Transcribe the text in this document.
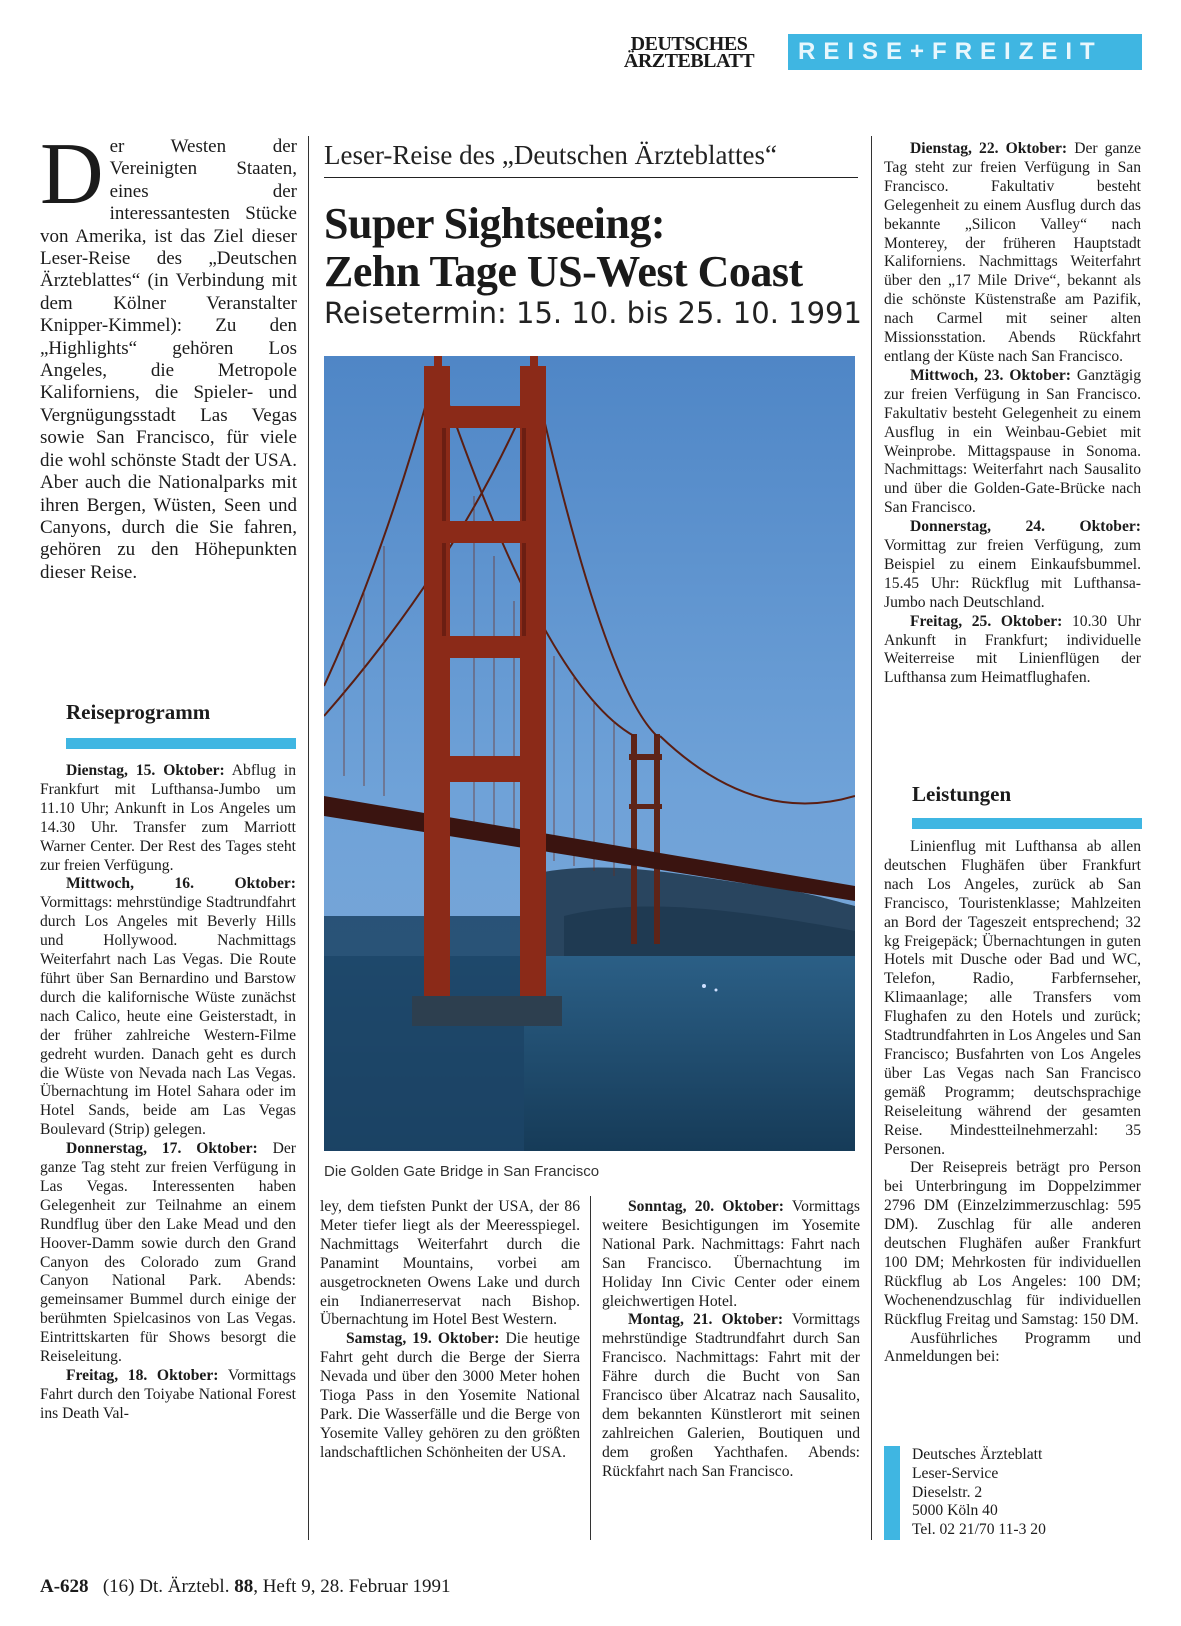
DEUTSCHES
ÄRZTEBLATT	REISE+FREIZEIT
Der Westen der Vereinigten Staaten, eines der interessantesten Stücke von Amerika, ist das Ziel dieser Leser-Reise des „Deutschen Ärzteblattes“ (in Verbindung mit dem Kölner Veranstalter Knipper-Kimmel): Zu den „Highlights“ gehören Los Angeles, die Metropole Kaliforniens, die Spieler- und Vergnügungsstadt Las Vegas sowie San Francisco, für viele die wohl schönste Stadt der USA. Aber auch die Nationalparks mit ihren Bergen, Wüsten, Seen und Canyons, durch die Sie fahren, gehören zu den Höhepunkten dieser Reise.
Reiseprogramm

Dienstag, 15. Oktober: Abflug in Frankfurt mit Lufthansa-Jumbo um 11.10 Uhr; Ankunft in Los Angeles um 14.30 Uhr. Transfer zum Marriott Warner Center. Der Rest des Tages steht zur freien Verfügung.

Mittwoch, 16. Oktober: Vormittags: mehrstündige Stadtrundfahrt durch Los Angeles mit Beverly Hills und Hollywood. Nachmittags Weiterfahrt nach Las Vegas. Die Route führt über San Bernardino und Barstow durch die kalifornische Wüste zunächst nach Calico, heute eine Geisterstadt, in der früher zahlreiche Western-Filme gedreht wurden. Danach geht es durch die Wüste von Nevada nach Las Vegas. Übernachtung im Hotel Sahara oder im Hotel Sands, beide am Las Vegas Boulevard (Strip) gelegen.

Donnerstag, 17. Oktober: Der ganze Tag steht zur freien Verfügung in Las Vegas. Interessenten haben Gelegenheit zur Teilnahme an einem Rundflug über den Lake Mead und den Hoover-Damm sowie durch den Grand Canyon des Colorado zum Grand Canyon National Park. Abends: gemeinsamer Bummel durch einige der berühmten Spielcasinos von Las Vegas. Eintrittskarten für Shows besorgt die Reiseleitung.

Freitag, 18. Oktober: Vormittags Fahrt durch den Toiyabe National Forest ins Death Val-

Leser-Reise des „Deutschen Ärzteblattes“
Super Sightseeing:
Zehn Tage US-West Coast
Reisetermin: 15. 10. bis 25. 10. 1991
Die Golden Gate Bridge in San Francisco

ley, dem tiefsten Punkt der USA, der 86 Meter tiefer liegt als der Meeresspiegel. Nachmittags Weiterfahrt durch die Panamint Mountains, vorbei am ausgetrockneten Owens Lake und durch ein Indianerreservat nach Bishop. Übernachtung im Hotel Best Western.

Samstag, 19. Oktober: Die heutige Fahrt geht durch die Berge der Sierra Nevada und über den 3000 Meter hohen Tioga Pass in den Yosemite National Park. Die Wasserfälle und die Berge von Yosemite Valley gehören zu den größten landschaftlichen Schönheiten der USA.

Sonntag, 20. Oktober: Vormittags weitere Besichtigungen im Yosemite National Park. Nachmittags: Fahrt nach San Francisco. Übernachtung im Holiday Inn Civic Center oder einem gleichwertigen Hotel.

Montag, 21. Oktober: Vormittags mehrstündige Stadtrundfahrt durch San Francisco. Nachmittags: Fahrt mit der Fähre durch die Bucht von San Francisco über Alcatraz nach Sausalito, dem bekannten Künstlerort mit seinen zahlreichen Galerien, Boutiquen und dem großen Yachthafen. Abends: Rückfahrt nach San Francisco.

Dienstag, 22. Oktober: Der ganze Tag steht zur freien Verfügung in San Francisco. Fakultativ besteht Gelegenheit zu einem Ausflug durch das bekannte „Silicon Valley“ nach Monterey, der früheren Hauptstadt Kaliforniens. Nachmittags Weiterfahrt über den „17 Mile Drive“, bekannt als die schönste Küstenstraße am Pazifik, nach Carmel mit seiner alten Missionsstation. Abends Rückfahrt entlang der Küste nach San Francisco.

Mittwoch, 23. Oktober: Ganztägig zur freien Verfügung in San Francisco. Fakultativ besteht Gelegenheit zu einem Ausflug in ein Weinbau-Gebiet mit Weinprobe. Mittagspause in Sonoma. Nachmittags: Weiterfahrt nach Sausalito und über die Golden-Gate-Brücke nach San Francisco.

Donnerstag, 24. Oktober: Vormittag zur freien Verfügung, zum Beispiel zu einem Einkaufsbummel. 15.45 Uhr: Rückflug mit Lufthansa-Jumbo nach Deutschland.

Freitag, 25. Oktober: 10.30 Uhr Ankunft in Frankfurt; individuelle Weiterreise mit Linienflügen der Lufthansa zum Heimatflughafen.

Leistungen

Linienflug mit Lufthansa ab allen deutschen Flughäfen über Frankfurt nach Los Angeles, zurück ab San Francisco, Touristenklasse; Mahlzeiten an Bord der Tageszeit entsprechend; 32 kg Freigepäck; Übernachtungen in guten Hotels mit Dusche oder Bad und WC, Telefon, Radio, Farbfernseher, Klimaanlage; alle Transfers vom Flughafen zu den Hotels und zurück; Stadtrundfahrten in Los Angeles und San Francisco; Busfahrten von Los Angeles über Las Vegas nach San Francisco gemäß Programm; deutschsprachige Reiseleitung während der gesamten Reise. Mindestteilnehmerzahl: 35 Personen.

Der Reisepreis beträgt pro Person bei Unterbringung im Doppelzimmer 2796 DM (Einzelzimmerzuschlag: 595 DM). Zuschlag für alle anderen deutschen Flughäfen außer Frankfurt 100 DM; Mehrkosten für individuellen Rückflug ab Los Angeles: 100 DM; Wochenendzuschlag für individuellen Rückflug Freitag und Samstag: 150 DM.

Ausführliches Programm und Anmeldungen bei:

Deutsches Ärzteblatt
Leser-Service
Dieselstr. 2
5000 Köln 40
Tel. 02 21/70 11-3 20
A-628 (16) Dt. Ärztebl. 88, Heft 9, 28. Februar 1991
